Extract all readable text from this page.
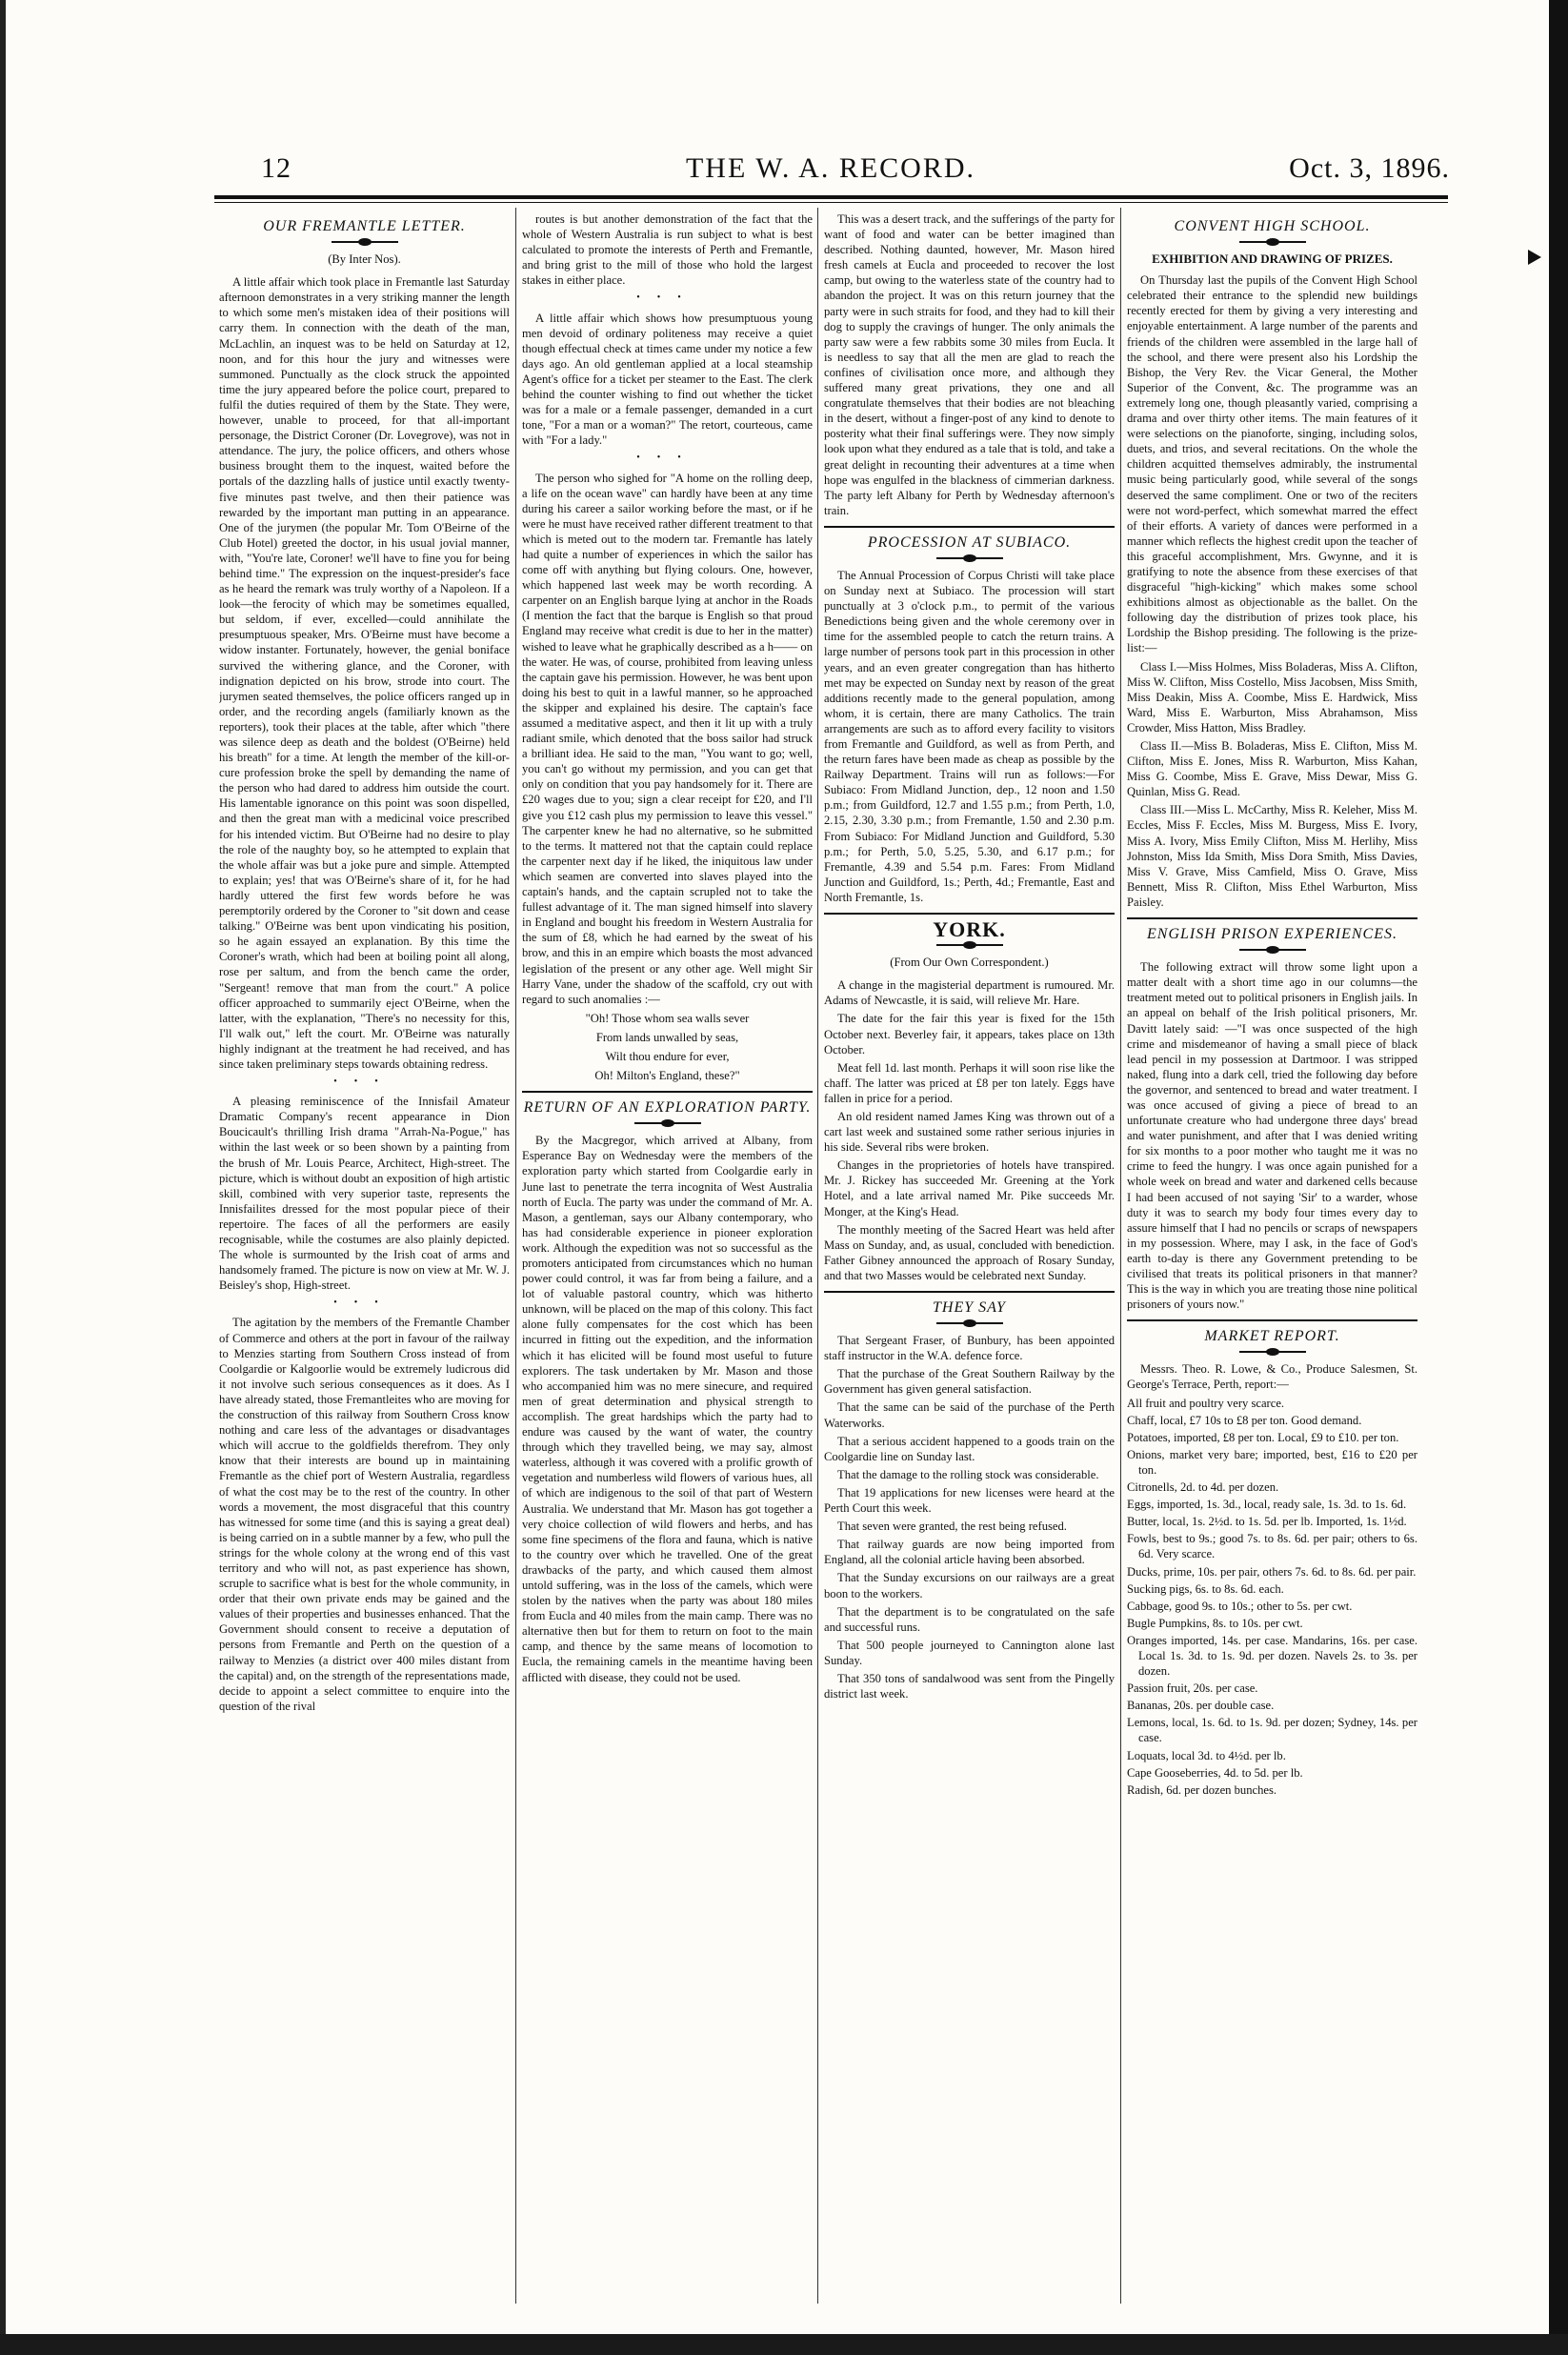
12	THE W. A. RECORD.	Oct. 3, 1896.
OUR FREMANTLE LETTER.
(By Inter Nos).

A little affair which took place in Fremantle last Saturday afternoon demonstrates in a very striking manner the length to which some men's mistaken idea of their positions will carry them. In connection with the death of the man, McLachlin, an inquest was to be held on Saturday at 12, noon, and for this hour the jury and witnesses were summoned. Punctually as the clock struck the appointed time the jury appeared before the police court, prepared to fulfil the duties required of them by the State. They were, however, unable to proceed, for that all-important personage, the District Coroner (Dr. Lovegrove), was not in attendance. The jury, the police officers, and others whose business brought them to the inquest, waited before the portals of the dazzling halls of justice until exactly twenty-five minutes past twelve, and then their patience was rewarded by the important man putting in an appearance. One of the jurymen (the popular Mr. Tom O'Beirne of the Club Hotel) greeted the doctor, in his usual jovial manner, with, "You're late, Coroner! we'll have to fine you for being behind time." The expression on the inquest-presider's face as he heard the remark was truly worthy of a Napoleon. If a look—the ferocity of which may be sometimes equalled, but seldom, if ever, excelled—could annihilate the presumptuous speaker, Mrs. O'Beirne must have become a widow instanter. Fortunately, however, the genial boniface survived the withering glance, and the Coroner, with indignation depicted on his brow, strode into court. The jurymen seated themselves, the police officers ranged up in order, and the recording angels (familiarly known as the reporters), took their places at the table, after which "there was silence deep as death and the boldest (O'Beirne) held his breath" for a time. At length the member of the kill-or-cure profession broke the spell by demanding the name of the person who had dared to address him outside the court. His lamentable ignorance on this point was soon dispelled, and then the great man with a medicinal voice prescribed for his intended victim. But O'Beirne had no desire to play the role of the naughty boy, so he attempted to explain that the whole affair was but a joke pure and simple. Attempted to explain; yes! that was O'Beirne's share of it, for he had hardly uttered the first few words before he was peremptorily ordered by the Coroner to "sit down and cease talking." O'Beirne was bent upon vindicating his position, so he again essayed an explanation. By this time the Coroner's wrath, which had been at boiling point all along, rose per saltum, and from the bench came the order, "Sergeant! remove that man from the court." A police officer approached to summarily eject O'Beirne, when the latter, with the explanation, "There's no necessity for this, I'll walk out," left the court. Mr. O'Beirne was naturally highly indignant at the treatment he had received, and has since taken preliminary steps towards obtaining redress.

•••

A pleasing reminiscence of the Innisfail Amateur Dramatic Company's recent appearance in Dion Boucicault's thrilling Irish drama "Arrah-Na-Pogue," has within the last week or so been shown by a painting from the brush of Mr. Louis Pearce, Architect, High-street. The picture, which is without doubt an exposition of high artistic skill, combined with very superior taste, represents the Innisfailites dressed for the most popular piece of their repertoire. The faces of all the performers are easily recognisable, while the costumes are also plainly depicted. The whole is surmounted by the Irish coat of arms and handsomely framed. The picture is now on view at Mr. W. J. Beisley's shop, High-street.

•••

The agitation by the members of the Fremantle Chamber of Commerce and others at the port in favour of the railway to Menzies starting from Southern Cross instead of from Coolgardie or Kalgoorlie would be extremely ludicrous did it not involve such serious consequences as it does. As I have already stated, those Fremantleites who are moving for the construction of this railway from Southern Cross know nothing and care less of the advantages or disadvantages which will accrue to the goldfields therefrom. They only know that their interests are bound up in maintaining Fremantle as the chief port of Western Australia, regardless of what the cost may be to the rest of the country. In other words a movement, the most disgraceful that this country has witnessed for some time (and this is saying a great deal) is being carried on in a subtle manner by a few, who pull the strings for the whole colony at the wrong end of this vast territory and who will not, as past experience has shown, scruple to sacrifice what is best for the whole community, in order that their own private ends may be gained and the values of their properties and businesses enhanced. That the Government should consent to receive a deputation of persons from Fremantle and Perth on the question of a railway to Menzies (a district over 400 miles distant from the capital) and, on the strength of the representations made, decide to appoint a select committee to enquire into the question of the rival

routes is but another demonstration of the fact that the whole of Western Australia is run subject to what is best calculated to promote the interests of Perth and Fremantle, and bring grist to the mill of those who hold the largest stakes in either place.

•••

A little affair which shows how presumptuous young men devoid of ordinary politeness may receive a quiet though effectual check at times came under my notice a few days ago. An old gentleman applied at a local steamship Agent's office for a ticket per steamer to the East. The clerk behind the counter wishing to find out whether the ticket was for a male or a female passenger, demanded in a curt tone, "For a man or a woman?" The retort, courteous, came with "For a lady."

•••

The person who sighed for "A home on the rolling deep, a life on the ocean wave" can hardly have been at any time during his career a sailor working before the mast, or if he were he must have received rather different treatment to that which is meted out to the modern tar. Fremantle has lately had quite a number of experiences in which the sailor has come off with anything but flying colours. One, however, which happened last week may be worth recording. A carpenter on an English barque lying at anchor in the Roads (I mention the fact that the barque is English so that proud England may receive what credit is due to her in the matter) wished to leave what he graphically described as a h—— on the water. He was, of course, prohibited from leaving unless the captain gave his permission. However, he was bent upon doing his best to quit in a lawful manner, so he approached the skipper and explained his desire. The captain's face assumed a meditative aspect, and then it lit up with a truly radiant smile, which denoted that the boss sailor had struck a brilliant idea. He said to the man, "You want to go; well, you can't go without my permission, and you can get that only on condition that you pay handsomely for it. There are £20 wages due to you; sign a clear receipt for £20, and I'll give you £12 cash plus my permission to leave this vessel." The carpenter knew he had no alternative, so he submitted to the terms. It mattered not that the captain could replace the carpenter next day if he liked, the iniquitous law under which seamen are converted into slaves played into the captain's hands, and the captain scrupled not to take the fullest advantage of it. The man signed himself into slavery in England and bought his freedom in Western Australia for the sum of £8, which he had earned by the sweat of his brow, and this in an empire which boasts the most advanced legislation of the present or any other age. Well might Sir Harry Vane, under the shadow of the scaffold, cry out with regard to such anomalies :—

"Oh! Those whom sea walls sever
From lands unwalled by seas,
Wilt thou endure for ever,
Oh! Milton's England, these?"
RETURN OF AN EXPLORATION PARTY.

By the Macgregor, which arrived at Albany, from Esperance Bay on Wednesday were the members of the exploration party which started from Coolgardie early in June last to penetrate the terra incognita of West Australia north of Eucla. The party was under the command of Mr. A. Mason, a gentleman, says our Albany contemporary, who has had considerable experience in pioneer exploration work. Although the expedition was not so successful as the promoters anticipated from circumstances which no human power could control, it was far from being a failure, and a lot of valuable pastoral country, which was hitherto unknown, will be placed on the map of this colony. This fact alone fully compensates for the cost which has been incurred in fitting out the expedition, and the information which it has elicited will be found most useful to future explorers. The task undertaken by Mr. Mason and those who accompanied him was no mere sinecure, and required men of great determination and physical strength to accomplish. The great hardships which the party had to endure was caused by the want of water, the country through which they travelled being, we may say, almost waterless, although it was covered with a prolific growth of vegetation and numberless wild flowers of various hues, all of which are indigenous to the soil of that part of Western Australia. We understand that Mr. Mason has got together a very choice collection of wild flowers and herbs, and has some fine specimens of the flora and fauna, which is native to the country over which he travelled. One of the great drawbacks of the party, and which caused them almost untold suffering, was in the loss of the camels, which were stolen by the natives when the party was about 180 miles from Eucla and 40 miles from the main camp. There was no alternative then but for them to return on foot to the main camp, and thence by the same means of locomotion to Eucla, the remaining camels in the meantime having been afflicted with disease, they could not be used.

This was a desert track, and the sufferings of the party for want of food and water can be better imagined than described. Nothing daunted, however, Mr. Mason hired fresh camels at Eucla and proceeded to recover the lost camp, but owing to the waterless state of the country had to abandon the project. It was on this return journey that the party were in such straits for food, and they had to kill their dog to supply the cravings of hunger. The only animals the party saw were a few rabbits some 30 miles from Eucla. It is needless to say that all the men are glad to reach the confines of civilisation once more, and although they suffered many great privations, they one and all congratulate themselves that their bodies are not bleaching in the desert, without a finger-post of any kind to denote to posterity what their final sufferings were. They now simply look upon what they endured as a tale that is told, and take a great delight in recounting their adventures at a time when hope was engulfed in the blackness of cimmerian darkness. The party left Albany for Perth by Wednesday afternoon's train.

PROCESSION AT SUBIACO.

The Annual Procession of Corpus Christi will take place on Sunday next at Subiaco. The procession will start punctually at 3 o'clock p.m., to permit of the various Benedictions being given and the whole ceremony over in time for the assembled people to catch the return trains. A large number of persons took part in this procession in other years, and an even greater congregation than has hitherto met may be expected on Sunday next by reason of the great additions recently made to the general population, among whom, it is certain, there are many Catholics. The train arrangements are such as to afford every facility to visitors from Fremantle and Guildford, as well as from Perth, and the return fares have been made as cheap as possible by the Railway Department. Trains will run as follows:—For Subiaco: From Midland Junction, dep., 12 noon and 1.50 p.m.; from Guildford, 12.7 and 1.55 p.m.; from Perth, 1.0, 2.15, 2.30, 3.30 p.m.; from Fremantle, 1.50 and 2.30 p.m. From Subiaco: For Midland Junction and Guildford, 5.30 p.m.; for Perth, 5.0, 5.25, 5.30, and 6.17 p.m.; for Fremantle, 4.39 and 5.54 p.m. Fares: From Midland Junction and Guildford, 1s.; Perth, 4d.; Fremantle, East and North Fremantle, 1s.

YORK.
(From Our Own Correspondent.)

A change in the magisterial department is rumoured. Mr. Adams of Newcastle, it is said, will relieve Mr. Hare.

The date for the fair this year is fixed for the 15th October next. Beverley fair, it appears, takes place on 13th October.

Meat fell 1d. last month. Perhaps it will soon rise like the chaff. The latter was priced at £8 per ton lately. Eggs have fallen in price for a period.

An old resident named James King was thrown out of a cart last week and sustained some rather serious injuries in his side. Several ribs were broken.

Changes in the proprietories of hotels have transpired. Mr. J. Rickey has succeeded Mr. Greening at the York Hotel, and a late arrival named Mr. Pike succeeds Mr. Monger, at the King's Head.

The monthly meeting of the Sacred Heart was held after Mass on Sunday, and, as usual, concluded with benediction. Father Gibney announced the approach of Rosary Sunday, and that two Masses would be celebrated next Sunday.

THEY SAY

That Sergeant Fraser, of Bunbury, has been appointed staff instructor in the W.A. defence force.

That the purchase of the Great Southern Railway by the Government has given general satisfaction.

That the same can be said of the purchase of the Perth Waterworks.

That a serious accident happened to a goods train on the Coolgardie line on Sunday last.

That the damage to the rolling stock was considerable.

That 19 applications for new licenses were heard at the Perth Court this week.

That seven were granted, the rest being refused.

That railway guards are now being imported from England, all the colonial article having been absorbed.

That the Sunday excursions on our railways are a great boon to the workers.

That the department is to be congratulated on the safe and successful runs.

That 500 people journeyed to Cannington alone last Sunday.

That 350 tons of sandalwood was sent from the Pingelly district last week.

CONVENT HIGH SCHOOL.
EXHIBITION AND DRAWING OF PRIZES.

On Thursday last the pupils of the Convent High School celebrated their entrance to the splendid new buildings recently erected for them by giving a very interesting and enjoyable entertainment. A large number of the parents and friends of the children were assembled in the large hall of the school, and there were present also his Lordship the Bishop, the Very Rev. the Vicar General, the Mother Superior of the Convent, &c. The programme was an extremely long one, though pleasantly varied, comprising a drama and over thirty other items. The main features of it were selections on the pianoforte, singing, including solos, duets, and trios, and several recitations. On the whole the children acquitted themselves admirably, the instrumental music being particularly good, while several of the songs deserved the same compliment. One or two of the reciters were not word-perfect, which somewhat marred the effect of their efforts. A variety of dances were performed in a manner which reflects the highest credit upon the teacher of this graceful accomplishment, Mrs. Gwynne, and it is gratifying to note the absence from these exercises of that disgraceful "high-kicking" which makes some school exhibitions almost as objectionable as the ballet. On the following day the distribution of prizes took place, his Lordship the Bishop presiding. The following is the prize-list:—

Class I.—Miss Holmes, Miss Boladeras, Miss A. Clifton, Miss W. Clifton, Miss Costello, Miss Jacobsen, Miss Smith, Miss Deakin, Miss A. Coombe, Miss E. Hardwick, Miss Ward, Miss E. Warburton, Miss Abrahamson, Miss Crowder, Miss Hatton, Miss Bradley.

Class II.—Miss B. Boladeras, Miss E. Clifton, Miss M. Clifton, Miss E. Jones, Miss R. Warburton, Miss Kahan, Miss G. Coombe, Miss E. Grave, Miss Dewar, Miss G. Quinlan, Miss G. Read.

Class III.—Miss L. McCarthy, Miss R. Keleher, Miss M. Eccles, Miss F. Eccles, Miss M. Burgess, Miss E. Ivory, Miss A. Ivory, Miss Emily Clifton, Miss M. Herlihy, Miss Johnston, Miss Ida Smith, Miss Dora Smith, Miss Davies, Miss V. Grave, Miss Camfield, Miss O. Grave, Miss Bennett, Miss R. Clifton, Miss Ethel Warburton, Miss Paisley.

ENGLISH PRISON EXPERIENCES.

The following extract will throw some light upon a matter dealt with a short time ago in our columns—the treatment meted out to political prisoners in English jails. In an appeal on behalf of the Irish political prisoners, Mr. Davitt lately said: —"I was once suspected of the high crime and misdemeanor of having a small piece of black lead pencil in my possession at Dartmoor. I was stripped naked, flung into a dark cell, tried the following day before the governor, and sentenced to bread and water treatment. I was once accused of giving a piece of bread to an unfortunate creature who had undergone three days' bread and water punishment, and after that I was denied writing for six months to a poor mother who taught me it was no crime to feed the hungry. I was once again punished for a whole week on bread and water and darkened cells because I had been accused of not saying 'Sir' to a warder, whose duty it was to search my body four times every day to assure himself that I had no pencils or scraps of newspapers in my possession. Where, may I ask, in the face of God's earth to-day is there any Government pretending to be civilised that treats its political prisoners in that manner? This is the way in which you are treating those nine political prisoners of yours now."

MARKET REPORT.

Messrs. Theo. R. Lowe, & Co., Produce Salesmen, St. George's Terrace, Perth, report:—

All fruit and poultry very scarce.

Chaff, local, £7 10s to £8 per ton. Good demand.

Potatoes, imported, £8 per ton. Local, £9 to £10. per ton.

Onions, market very bare; imported, best, £16 to £20 per ton.

Citronells, 2d. to 4d. per dozen.

Eggs, imported, 1s. 3d., local, ready sale, 1s. 3d. to 1s. 6d.

Butter, local, 1s. 2½d. to 1s. 5d. per lb. Imported, 1s. 1½d.

Fowls, best to 9s.; good 7s. to 8s. 6d. per pair; others to 6s. 6d. Very scarce.

Ducks, prime, 10s. per pair, others 7s. 6d. to 8s. 6d. per pair.

Sucking pigs, 6s. to 8s. 6d. each.

Cabbage, good 9s. to 10s.; other to 5s. per cwt.

Bugle Pumpkins, 8s. to 10s. per cwt.

Oranges imported, 14s. per case. Mandarins, 16s. per case. Local 1s. 3d. to 1s. 9d. per dozen. Navels 2s. to 3s. per dozen.

Passion fruit, 20s. per case.

Bananas, 20s. per double case.

Lemons, local, 1s. 6d. to 1s. 9d. per dozen; Sydney, 14s. per case.

Loquats, local 3d. to 4½d. per lb.

Cape Gooseberries, 4d. to 5d. per lb.

Radish, 6d. per dozen bunches.
